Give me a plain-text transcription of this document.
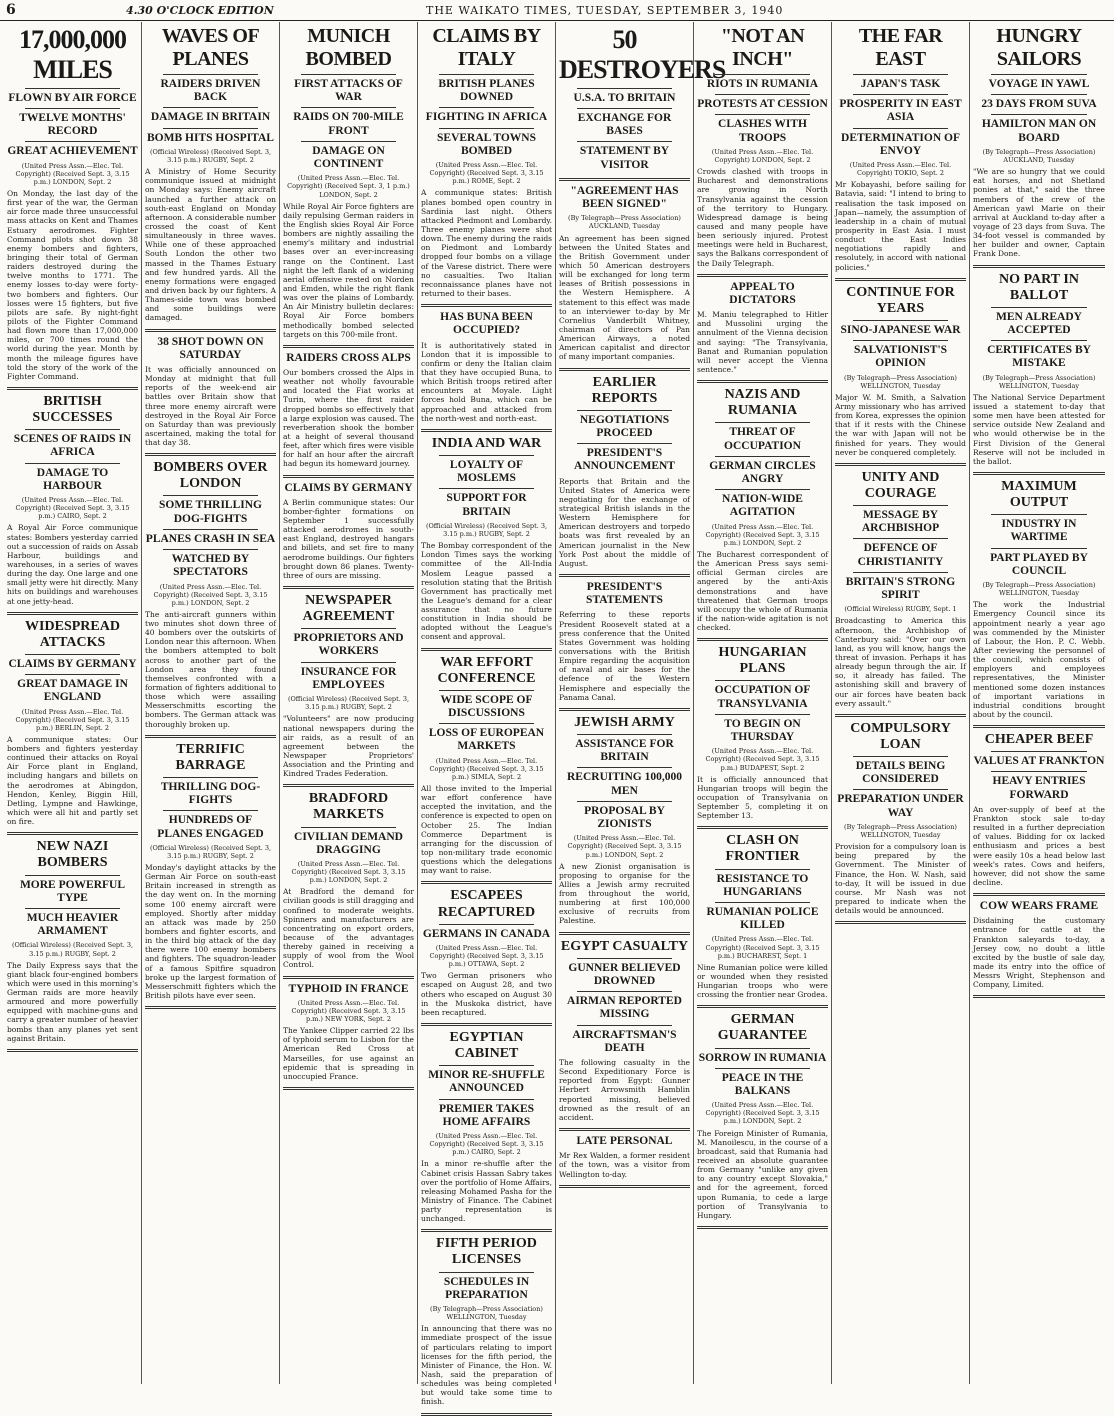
6	4.30 O'CLOCK EDITION	THE WAIKATO TIMES, TUESDAY, SEPTEMBER 3, 1940
17,000,000 MILES
FLOWN BY AIR FORCE
TWELVE MONTHS' RECORD
GREAT ACHIEVEMENT
(United Press Assn.—Elec. Tel. Copyright) (Received Sept. 3, 3.15 p.m.) LONDON, Sept. 2

On Monday, the last day of the first year of the war, the German air force made three unsuccessful mass attacks on Kent and Thames Estuary aerodromes. Fighter Command pilots shot down 38 enemy bombers and fighters, bringing their total of German raiders destroyed during the twelve months to 1771. The enemy losses to-day were forty-two bombers and fighters. Our losses were 15 fighters, but five pilots are safe. By night-fight pilots of the Fighter Command had flown more than 17,000,000 miles, or 700 times round the world during the year. Month by month the mileage figures have told the story of the work of the Fighter Command.

BRITISH SUCCESSES
SCENES OF RAIDS IN AFRICA
DAMAGE TO HARBOUR
(United Press Assn.—Elec. Tel. Copyright) (Received Sept. 3, 3.15 p.m.) CAIRO, Sept. 2

A Royal Air Force communique states: Bombers yesterday carried out a succession of raids on Assab Harbour, buildings and warehouses, in a series of waves during the day. One large and one small jetty were hit directly. Many hits on buildings and warehouses at one jetty-head.

WIDESPREAD ATTACKS
CLAIMS BY GERMANY
GREAT DAMAGE IN ENGLAND
(United Press Assn.—Elec. Tel. Copyright) (Received Sept. 3, 3.15 p.m.) BERLIN, Sept. 2

A communique states: Our bombers and fighters yesterday continued their attacks on Royal Air Force plant in England, including hangars and billets on the aerodromes at Abingdon, Hendon, Kenley, Biggin Hill, Detling, Lympne and Hawkinge, which were all hit and partly set on fire.

NEW NAZI BOMBERS
MORE POWERFUL TYPE
MUCH HEAVIER ARMAMENT
(Official Wireless) (Received Sept. 3, 3.15 p.m.) RUGBY, Sept. 2

The Daily Express says that the giant black four-engined bombers which were used in this morning's German raids are more heavily armoured and more powerfully equipped with machine-guns and carry a greater number of heavier bombs than any planes yet sent against Britain.

WAVES OF PLANES
RAIDERS DRIVEN BACK
DAMAGE IN BRITAIN
BOMB HITS HOSPITAL
(Official Wireless) (Received Sept. 3, 3.15 p.m.) RUGBY, Sept. 2

A Ministry of Home Security communique issued at midnight on Monday says: Enemy aircraft launched a further attack on south-east England on Monday afternoon. A considerable number crossed the coast of Kent simultaneously in three waves. While one of these approached South London the other two massed in the Thames Estuary and few hundred yards. All the enemy formations were engaged and driven back by our fighters. A Thames-side town was bombed and some buildings were damaged.

38 SHOT DOWN ON SATURDAY

It was officially announced on Monday at midnight that full reports of the week-end air battles over Britain show that three more enemy aircraft were destroyed in the Royal Air Force on Saturday than was previously ascertained, making the total for that day 38.

BOMBERS OVER LONDON
SOME THRILLING DOG-FIGHTS
PLANES CRASH IN SEA
WATCHED BY SPECTATORS
(United Press Assn.—Elec. Tel. Copyright) (Received Sept. 3, 3.15 p.m.) LONDON, Sept. 2

The anti-aircraft gunners within two minutes shot down three of 40 bombers over the outskirts of London near this afternoon. When the bombers attempted to bolt across to another part of the London area they found themselves confronted with a formation of fighters additional to those which were assailing Messerschmitts escorting the bombers. The German attack was thoroughly broken up.

TERRIFIC BARRAGE
THRILLING DOG-FIGHTS
HUNDREDS OF PLANES ENGAGED
(Official Wireless) (Received Sept. 3, 3.15 p.m.) RUGBY, Sept. 2

Monday's daylight attacks by the German Air Force on south-east Britain increased in strength as the day went on. In the morning some 100 enemy aircraft were employed. Shortly after midday an attack was made by 250 bombers and fighter escorts, and in the third big attack of the day there were 100 enemy bombers and fighters. The squadron-leader of a famous Spitfire squadron broke up the largest formation of Messerschmitt fighters which the British pilots have ever seen.

MUNICH BOMBED
FIRST ATTACKS OF WAR
RAIDS ON 700-MILE FRONT
DAMAGE ON CONTINENT
(United Press Assn.—Elec. Tel. Copyright) (Received Sept. 3, 1 p.m.) LONDON, Sept. 2

While Royal Air Force fighters are daily repulsing German raiders in the English skies Royal Air Force bombers are nightly assailing the enemy's military and industrial bases over an ever-increasing range on the Continent. Last night the left flank of a widening aerial offensive rested on Norden and Emden, while the right flank was over the plains of Lombardy. An Air Ministry bulletin declares: Royal Air Force bombers methodically bombed selected targets on this 700-mile front.

RAIDERS CROSS ALPS

Our bombers crossed the Alps in weather not wholly favourable and located the Fiat works at Turin, where the first raider dropped bombs so effectively that a large explosion was caused. The reverberation shook the bomber at a height of several thousand feet, after which fires were visible for half an hour after the aircraft had begun its homeward journey.

CLAIMS BY GERMANY

A Berlin communique states: Our bomber-fighter formations on September 1 successfully attacked aerodromes in south-east England, destroyed hangars and billets, and set fire to many aerodrome buildings. Our fighters brought down 86 planes. Twenty-three of ours are missing.

NEWSPAPER AGREEMENT
PROPRIETORS AND WORKERS
INSURANCE FOR EMPLOYEES
(Official Wireless) (Received Sept. 3, 3.15 p.m.) RUGBY, Sept. 2

"Volunteers" are now producing national newspapers during the air raids, as a result of an agreement between the Newspaper Proprietors' Association and the Printing and Kindred Trades Federation.

BRADFORD MARKETS
CIVILIAN DEMAND DRAGGING
(United Press Assn.—Elec. Tel. Copyright) (Received Sept. 3, 3.15 p.m.) LONDON, Sept. 2

At Bradford the demand for civilian goods is still dragging and confined to moderate weights. Spinners and manufacturers are concentrating on export orders, because of the advantages thereby gained in receiving a supply of wool from the Wool Control.

TYPHOID IN FRANCE
(United Press Assn.—Elec. Tel. Copyright) (Received Sept. 3, 3.15 p.m.) NEW YORK, Sept. 2

The Yankee Clipper carried 22 lbs of typhoid serum to Lisbon for the American Red Cross at Marseilles, for use against an epidemic that is spreading in unoccupied France.

CLAIMS BY ITALY
BRITISH PLANES DOWNED
FIGHTING IN AFRICA
SEVERAL TOWNS BOMBED
(United Press Assn.—Elec. Tel. Copyright) (Received Sept. 3, 3.15 p.m.) ROME, Sept. 2

A communique states: British planes bombed open country in Sardinia last night. Others attacked Piedmont and Lombardy. Three enemy planes were shot down. The enemy during the raids on Piedmont and Lombardy dropped four bombs on a village of the Varese district. There were no casualties. Two Italian reconnaissance planes have not returned to their bases.

HAS BUNA BEEN OCCUPIED?

It is authoritatively stated in London that it is impossible to confirm or deny the Italian claim that they have occupied Buna, to which British troops retired after encounters at Moyale. Light forces hold Buna, which can be approached and attacked from the north-west and north-east.

INDIA AND WAR
LOYALTY OF MOSLEMS
SUPPORT FOR BRITAIN
(Official Wireless) (Received Sept. 3, 3.15 p.m.) RUGBY, Sept. 2

The Bombay correspondent of the London Times says the working committee of the All-India Moslem League passed a resolution stating that the British Government has practically met the League's demand for a clear assurance that no future constitution in India should be adopted without the League's consent and approval.

WAR EFFORT CONFERENCE
WIDE SCOPE OF DISCUSSIONS
LOSS OF EUROPEAN MARKETS
(United Press Assn.—Elec. Tel. Copyright) (Received Sept. 3, 3.15 p.m.) SIMLA, Sept. 2

All those invited to the Imperial war effort conference have accepted the invitation, and the conference is expected to open on October 25. The Indian Commerce Department is arranging for the discussion of top non-military trade economic questions which the delegations may want to raise.

ESCAPEES RECAPTURED
GERMANS IN CANADA
(United Press Assn.—Elec. Tel. Copyright) (Received Sept. 3, 3.15 p.m.) OTTAWA, Sept. 2

Two German prisoners who escaped on August 28, and two others who escaped on August 30 in the Muskoka district, have been recaptured.

EGYPTIAN CABINET
MINOR RE-SHUFFLE ANNOUNCED
PREMIER TAKES HOME AFFAIRS
(United Press Assn.—Elec. Tel. Copyright) (Received Sept. 3, 3.15 p.m.) CAIRO, Sept. 2

In a minor re-shuffle after the Cabinet crisis Hassan Sabry takes over the portfolio of Home Affairs, releasing Mohamed Pasha for the Ministry of Finance. The Cabinet party representation is unchanged.

FIFTH PERIOD LICENSES
SCHEDULES IN PREPARATION
(By Telegraph—Press Association) WELLINGTON, Tuesday

In announcing that there was no immediate prospect of the issue of particulars relating to import licenses for the fifth period, the Minister of Finance, the Hon. W. Nash, said the preparation of schedules was being completed but would take some time to finish.

50 DESTROYERS
U.S.A. TO BRITAIN
EXCHANGE FOR BASES
STATEMENT BY VISITOR
"AGREEMENT HAS BEEN SIGNED"
(By Telegraph—Press Association) AUCKLAND, Tuesday

An agreement has been signed between the United States and the British Government under which 50 American destroyers will be exchanged for long term leases of British possessions in the Western Hemisphere. A statement to this effect was made to an interviewer to-day by Mr Cornelius Vanderbilt Whitney, chairman of directors of Pan American Airways, a noted American capitalist and director of many important companies.

EARLIER REPORTS
NEGOTIATIONS PROCEED
PRESIDENT'S ANNOUNCEMENT

Reports that Britain and the United States of America were negotiating for the exchange of strategical British islands in the Western Hemisphere for American destroyers and torpedo boats was first revealed by an American journalist in the New York Post about the middle of August.

PRESIDENT'S STATEMENTS

Referring to these reports President Roosevelt stated at a press conference that the United States Government was holding conversations with the British Empire regarding the acquisition of naval and air bases for the defence of the Western Hemisphere and especially the Panama Canal.

JEWISH ARMY
ASSISTANCE FOR BRITAIN
RECRUITING 100,000 MEN
PROPOSAL BY ZIONISTS
(United Press Assn.—Elec. Tel. Copyright) (Received Sept. 3, 3.15 p.m.) LONDON, Sept. 2

A new Zionist organisation is proposing to organise for the Allies a Jewish army recruited from throughout the world, numbering at first 100,000 exclusive of recruits from Palestine.

EGYPT CASUALTY
GUNNER BELIEVED DROWNED
AIRMAN REPORTED MISSING
AIRCRAFTSMAN'S DEATH

The following casualty in the Second Expeditionary Force is reported from Egypt: Gunner Herbert Arrowsmith Hamblin reported missing, believed drowned as the result of an accident.

LATE PERSONAL

Mr Rex Walden, a former resident of the town, was a visitor from Wellington to-day.

"NOT AN INCH"
RIOTS IN RUMANIA
PROTESTS AT CESSION
CLASHES WITH TROOPS
(United Press Assn.—Elec. Tel. Copyright) LONDON, Sept. 2

Crowds clashed with troops in Bucharest and demonstrations are growing in North Transylvania against the cession of the territory to Hungary. Widespread damage is being caused and many people have been seriously injured. Protest meetings were held in Bucharest, says the Balkans correspondent of the Daily Telegraph.

APPEAL TO DICTATORS

M. Maniu telegraphed to Hitler and Mussolini urging the annulment of the Vienna decision and saying: "The Transylvania, Banat and Rumanian population will never accept the Vienna sentence."

NAZIS AND RUMANIA
THREAT OF OCCUPATION
GERMAN CIRCLES ANGRY
NATION-WIDE AGITATION
(United Press Assn.—Elec. Tel. Copyright) (Received Sept. 3, 3.15 p.m.) LONDON, Sept. 2

The Bucharest correspondent of the American Press says semi-official German circles are angered by the anti-Axis demonstrations and have threatened that German troops will occupy the whole of Rumania if the nation-wide agitation is not checked.

HUNGARIAN PLANS
OCCUPATION OF TRANSYLVANIA
TO BEGIN ON THURSDAY
(United Press Assn.—Elec. Tel. Copyright) (Received Sept. 3, 3.15 p.m.) BUDAPEST, Sept. 2

It is officially announced that Hungarian troops will begin the occupation of Transylvania on September 5, completing it on September 13.

CLASH ON FRONTIER
RESISTANCE TO HUNGARIANS
RUMANIAN POLICE KILLED
(United Press Assn.—Elec. Tel. Copyright) (Received Sept. 3, 3.15 p.m.) BUCHAREST, Sept. 1

Nine Rumanian police were killed or wounded when they resisted Hungarian troops who were crossing the frontier near Grodea.

GERMAN GUARANTEE
SORROW IN RUMANIA
PEACE IN THE BALKANS
(United Press Assn.—Elec. Tel. Copyright) (Received Sept. 3, 3.15 p.m.) LONDON, Sept. 2

The Foreign Minister of Rumania, M. Manoilescu, in the course of a broadcast, said that Rumania had received an absolute guarantee from Germany "unlike any given to any country except Slovakia," and for the agreement, forced upon Rumania, to cede a large portion of Transylvania to Hungary.

THE FAR EAST
JAPAN'S TASK
PROSPERITY IN EAST ASIA
DETERMINATION OF ENVOY
(United Press Assn.—Elec. Tel. Copyright) TOKIO, Sept. 2

Mr Kobayashi, before sailing for Batavia, said: "I intend to bring to realisation the task imposed on Japan—namely, the assumption of leadership in a chain of mutual prosperity in East Asia. I must conduct the East Indies negotiations rapidly and resolutely, in accord with national policies."

CONTINUE FOR YEARS
SINO-JAPANESE WAR
SALVATIONIST'S OPINION
(By Telegraph—Press Association) WELLINGTON, Tuesday

Major W. M. Smith, a Salvation Army missionary who has arrived from Korea, expresses the opinion that if it rests with the Chinese the war with Japan will not be finished for years. They would never be conquered completely.

UNITY AND COURAGE
MESSAGE BY ARCHBISHOP
DEFENCE OF CHRISTIANITY
BRITAIN'S STRONG SPIRIT
(Official Wireless) RUGBY, Sept. 1

Broadcasting to America this afternoon, the Archbishop of Canterbury said: "Over our own land, as you will know, hangs the threat of invasion. Perhaps it has already begun through the air. If so, it already has failed. The astonishing skill and bravery of our air forces have beaten back every assault."

COMPULSORY LOAN
DETAILS BEING CONSIDERED
PREPARATION UNDER WAY
(By Telegraph—Press Association) WELLINGTON, Tuesday

Provision for a compulsory loan is being prepared by the Government. The Minister of Finance, the Hon. W. Nash, said to-day, It will be issued in due course. Mr Nash was not prepared to indicate when the details would be announced.

HUNGRY SAILORS
VOYAGE IN YAWL
23 DAYS FROM SUVA
HAMILTON MAN ON BOARD
(By Telegraph—Press Association) AUCKLAND, Tuesday

"We are so hungry that we could eat horses, and not Shetland ponies at that," said the three members of the crew of the American yawl Marie on their arrival at Auckland to-day after a voyage of 23 days from Suva. The 34-foot vessel is commanded by her builder and owner, Captain Frank Done.

NO PART IN BALLOT
MEN ALREADY ACCEPTED
CERTIFICATES BY MISTAKE
(By Telegraph—Press Association) WELLINGTON, Tuesday

The National Service Department issued a statement to-day that some men have been attested for service outside New Zealand and who would otherwise be in the First Division of the General Reserve will not be included in the ballot.

MAXIMUM OUTPUT
INDUSTRY IN WARTIME
PART PLAYED BY COUNCIL
(By Telegraph—Press Association) WELLINGTON, Tuesday

The work the Industrial Emergency Council since its appointment nearly a year ago was commended by the Minister of Labour, the Hon. P. C. Webb. After reviewing the personnel of the council, which consists of employers and employees representatives, the Minister mentioned some dozen instances of important variations in industrial conditions brought about by the council.

CHEAPER BEEF
VALUES AT FRANKTON
HEAVY ENTRIES FORWARD

An over-supply of beef at the Frankton stock sale to-day resulted in a further depreciation of values. Bidding for ox lacked enthusiasm and prices a best were easily 10s a head below last week's rates. Cows and heifers, however, did not show the same decline.

COW WEARS FRAME

Disdaining the customary entrance for cattle at the Frankton saleyards to-day, a Jersey cow, no doubt a little excited by the bustle of sale day, made its entry into the office of Messrs Wright, Stephenson and Company, Limited.
